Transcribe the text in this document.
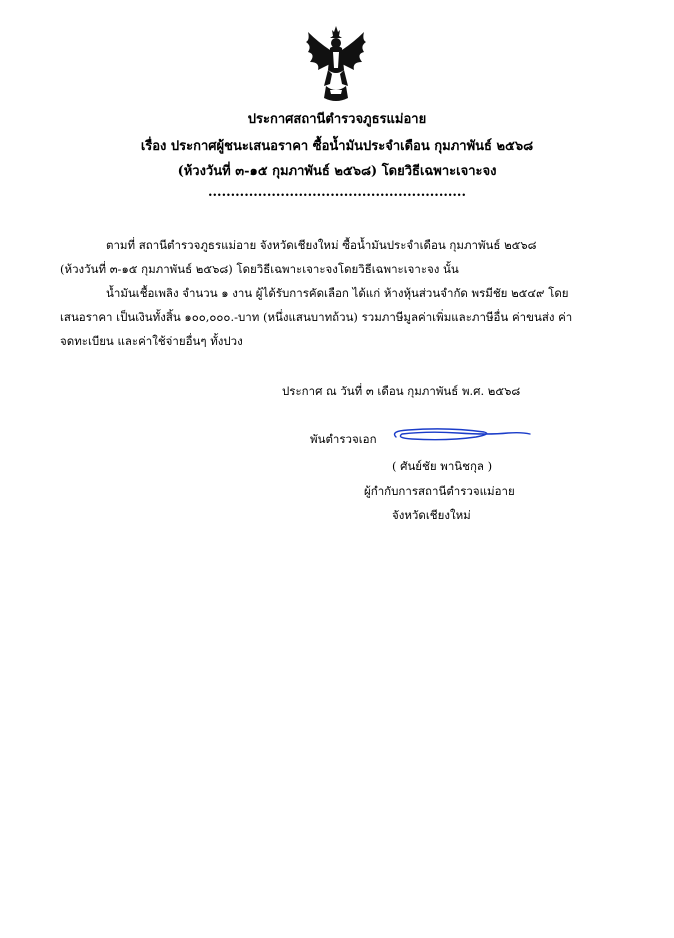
ประกาศสถานีตำรวจภูธรแม่อาย
เรื่อง ประกาศผู้ชนะเสนอราคา ซื้อน้ำมันประจำเดือน กุมภาพันธ์ ๒๕๖๘
(ห้วงวันที่ ๓-๑๕ กุมภาพันธ์ ๒๕๖๘) โดยวิธีเฉพาะเจาะจง
.........................................................
ตามที่ สถานีตำรวจภูธรแม่อาย จังหวัดเชียงใหม่ ซื้อน้ำมันประจำเดือน กุมภาพันธ์ ๒๕๖๘
(ห้วงวันที่ ๓-๑๕ กุมภาพันธ์ ๒๕๖๘) โดยวิธีเฉพาะเจาะจงโดยวิธีเฉพาะเจาะจง นั้น
น้ำมันเชื้อเพลิง จำนวน ๑ งาน ผู้ได้รับการคัดเลือก ได้แก่ ห้างหุ้นส่วนจำกัด พรมีชัย ๒๕๔๙ โดย
เสนอราคา เป็นเงินทั้งสิ้น ๑๐๐,๐๐๐.-บาท (หนึ่งแสนบาทถ้วน) รวมภาษีมูลค่าเพิ่มและภาษีอื่น ค่าขนส่ง ค่า
จดทะเบียน และค่าใช้จ่ายอื่นๆ ทั้งปวง
ประกาศ ณ วันที่ ๓ เดือน กุมภาพันธ์ พ.ศ. ๒๕๖๘
พันตำรวจเอก
( ศันย์ชัย พานิชกุล )
ผู้กำกับการสถานีตำรวจแม่อาย
จังหวัดเชียงใหม่
